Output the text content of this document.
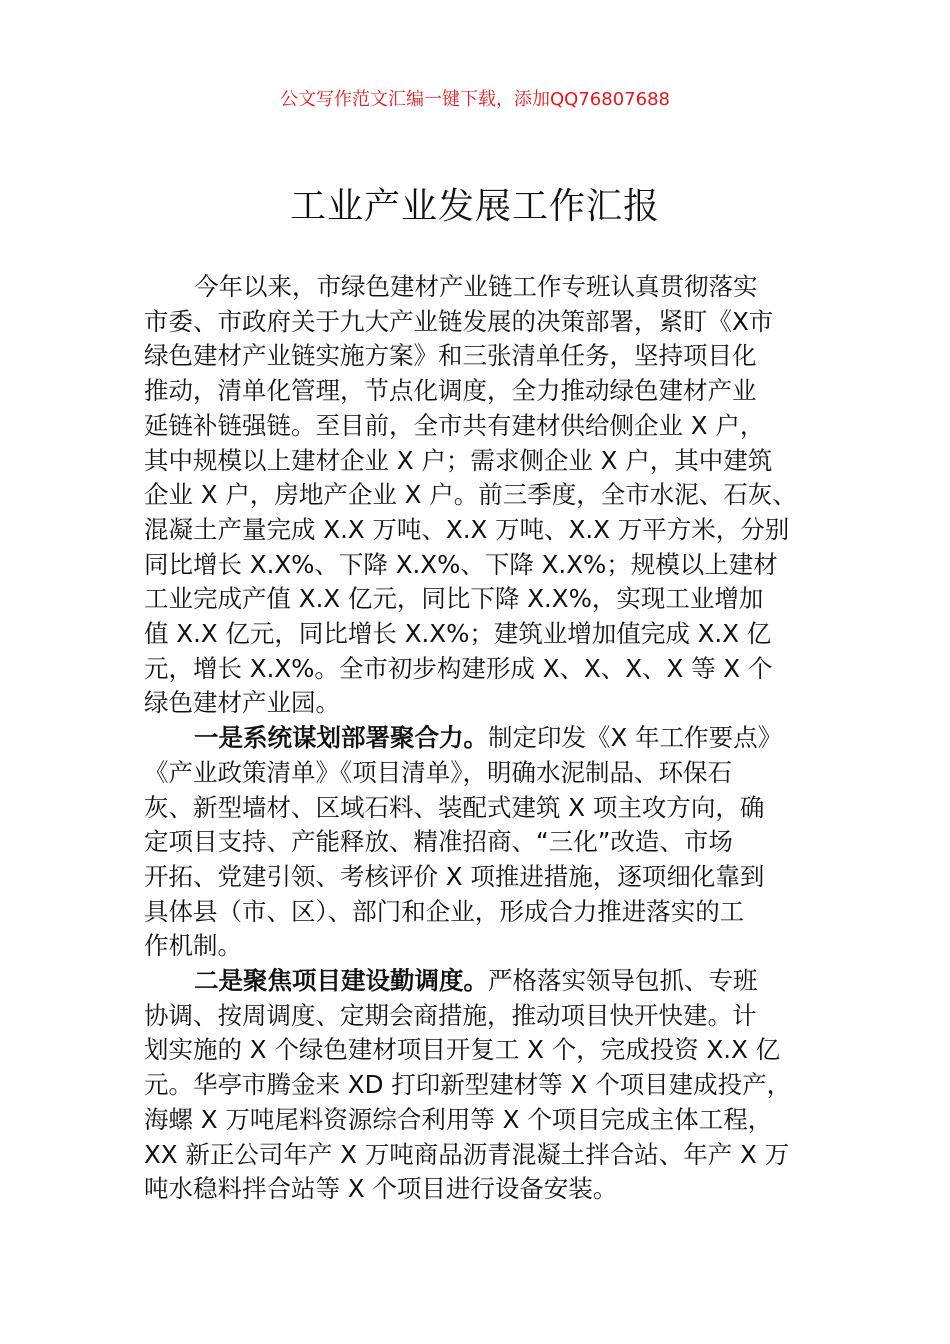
公文写作范文汇编一键下载，添加QQ76807688
工业产业发展工作汇报
今年以来，市绿色建材产业链工作专班认真贯彻落实
市委、市政府关于九大产业链发展的决策部署，紧盯《X市
绿色建材产业链实施方案》和三张清单任务，坚持项目化
推动，清单化管理，节点化调度，全力推动绿色建材产业
延链补链强链。至目前，全市共有建材供给侧企业 X 户，
其中规模以上建材企业 X 户；需求侧企业 X 户，其中建筑
企业 X 户，房地产企业 X 户。前三季度，全市水泥、石灰、
混凝土产量完成 X.X 万吨、X.X 万吨、X.X 万平方米，分别
同比增长 X.X%、下降 X.X%、下降 X.X%；规模以上建材
工业完成产值 X.X 亿元，同比下降 X.X%，实现工业增加
值 X.X 亿元，同比增长 X.X%；建筑业增加值完成 X.X 亿
元，增长 X.X%。全市初步构建形成 X、X、X、X 等 X 个
绿色建材产业园。
一是系统谋划部署聚合力。制定印发《X 年工作要点》
《产业政策清单》《项目清单》，明确水泥制品、环保石
灰、新型墙材、区域石料、装配式建筑 X 项主攻方向，确
定项目支持、产能释放、精准招商、“三化”改造、市场
开拓、党建引领、考核评价 X 项推进措施，逐项细化靠到
具体县（市、区）、部门和企业，形成合力推进落实的工
作机制。
二是聚焦项目建设勤调度。严格落实领导包抓、专班
协调、按周调度、定期会商措施，推动项目快开快建。计
划实施的 X 个绿色建材项目开复工 X 个，完成投资 X.X 亿
元。华亭市腾金来 XD 打印新型建材等 X 个项目建成投产，
海螺 X 万吨尾料资源综合利用等 X 个项目完成主体工程，
XX 新正公司年产 X 万吨商品沥青混凝土拌合站、年产 X 万
吨水稳料拌合站等 X 个项目进行设备安装。
